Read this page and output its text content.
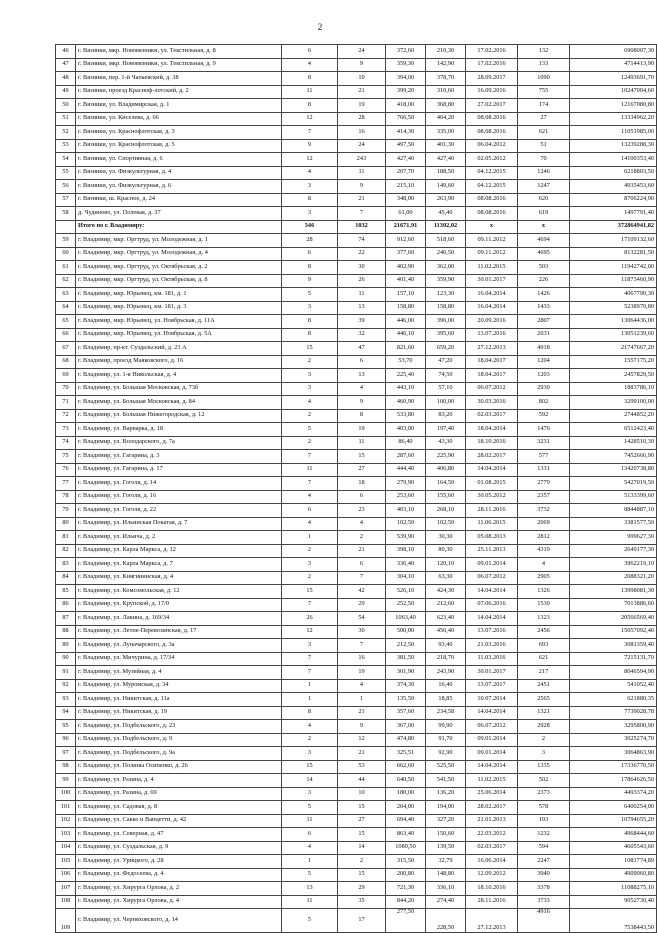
2
46	г. Вязники, мкр. Нововязники, ул. Текстильная, д. 8	6	24	372,60	210,30	17.02.2016	132	6908007,30
47	г. Вязники, мкр. Нововязники, ул. Текстильная, д. 9	4	9	359,30	142,90	17.02.2016	133	4714413,90
48	г. Вязники, пер. 1-й Чапаевский, д. 38	8	10	394,00	378,70	28.09.2017	1090	12493691,70
49	г. Вязники, проезд Красноф-лотский, д. 2	11	21	399,20	310,60	16.09.2016	755	10247004,60
50	г. Вязники, ул. Владимирская, д. 1	8	19	418,00	368,80	27.02.2017	174	12167080,80
51	г. Вязники, ул. Киселева, д. 66	12	28	766,50	404,20	08.08.2016	27	13334962,20
52	г. Вязники, ул. Краснофлотская, д. 3	7	16	414,30	335,00	08.08.2016	621	11051985,00
53	г. Вязники, ул. Краснофлотская, д. 5	9	24	497,50	401,30	06.04.2012	51	13239288,30
54	г. Вязники, ул. Спортивная, д. 6	12	243	427,40	427,40	02.05.2012	70	14100353,40
55	г. Вязники, ул. Физкультурная, д. 4	4	11	207,70	188,50	04.12.2015	1246	6218803,50
56	г. Вязники, ул. Физкультурная, д. 6	3	9	215,10	149,60	04.12.2015	1247	4935453,60
57	г. Вязники, ш. Красное, д. 24	8	21	348,00	263,90	08.08.2016	620	8706224,90
58	д. Чудиново, ул. Полевая, д. 37	3	7	61,00	45,40	08.08.2016	619	1497791,40
	Итого по г. Владимиру:	346	1032	21671,91	11302,02	х	х	372864941,82
59	г. Владимир, мкр. Оргтруд, ул. Молодежная, д. 1	28	74	912,60	518,60	09.11.2012	4694	17109132,60
60	г. Владимир, мкр. Оргтруд, ул. Молодежная, д. 4	6	22	377,60	246,50	09.11.2012	4695	8132281,50
61	г. Владимир, мкр. Оргтруд, ул. Октябрьская, д. 2	8	30	402,90	362,00	11.02.2015	503	11942742,00
62	г. Владимир, мкр. Оргтруд, ул. Октябрьская, д. 8	9	26	401,40	359,90	30.01.2017	226	11873460,90
63	г. Владимир, мкр. Юрьевец, км. 181, д. 1	5	11	157,10	123,30	16.04.2014	1426	4067790,30
64	г. Владимир, мкр. Юрьевец, км. 181, д. 3	3	13	158,80	158,80	16.04.2014	1433	5238970,80
65	г. Владимир, мкр. Юрьевец, ул. Ноябрьская, д. 11А	8	39	446,00	396,00	20.09.2016	2807	13064436,00
66	г. Владимир, мкр. Юрьевец, ул. Ноябрьская, д. 5А	8	32	446,10	395,60	13.07.2016	2031	13051239,60
67	г. Владимир, пр-кт. Суздальский, д. 23 А	15	47	821,60	659,20	27.12.2013	4918	21747667,20
68	г. Владимир, проезд Маяковского, д. 16	2	6	53,70	47,20	18.04.2017	1204	1557175,20
69	г. Владимир, ул. 1-я Никольская, д. 4	3	13	225,40	74,50	18.04.2017	1203	2457829,50
70	г. Владимир, ул. Большая Московская, д. 73б	3	4	443,10	57,10	06.07.2012	2930	1883786,10
71	г. Владимир, ул. Большая Московская, д. 84	4	9	460,90	100,00	30.03.2016	802	3299100,00
72	г. Владимир, ул. Большая Нижегородская, д. 12	2	8	533,80	83,20	02.03.2017	592	2744852,20
73	г. Владимир, ул. Варварка, д. 18	5	19	403,00	197,40	18.04.2014	1476	6512423,40
74	г. Владимир, ул. Володарского, д. 7а	2	11	86,40	43,30	18.10.2016	3231	1428510,30
75	г. Владимир, ул. Гагарина, д. 3	7	15	287,60	225,90	28.02.2017	577	7452666,90
76	г. Владимир, ул. Гагарина, д. 17	11	27	444,40	406,80	14.04.2014	1331	13420738,80
77	г. Владимир, ул. Гоголя, д. 14	7	18	279,90	164,50	01.08.2015	2779	5427019,50
78	г. Владимир, ул. Гоголя, д. 16	4	6	253,60	155,60	30.05.2012	2357	5133399,60
79	г. Владимир, ул. Гоголя, д. 22	6	23	403,10	268,10	28.11.2016	3732	8844887,10
80	г. Владимир, ул. Ильинская Покатая, д. 7	4	4	102,50	102,50	11.06.2015	2069	3381577,50
81	г. Владимир, ул. Ильича, д. 2	1	2	539,90	30,30	05.08.2013	2812	999627,30
82	г. Владимир, ул. Карла Маркса, д. 12	2	21	398,10	80,30	25.11.2013	4319	2649177,30
83	г. Владимир, ул. Карла Маркса, д. 7	3	6	336,40	120,10	09.01.2014	4	3962219,10
84	г. Владимир, ул. Княгининская, д. 4	2	7	304,10	63,30	06.07.2012	2905	2088321,20
85	г. Владимир, ул. Комсомольская, д. 12	15	42	526,10	424,30	14.04.2014	1326	13998081,30
86	г. Владимир, ул. Крупской, д. 17/0	7	29	252,50	212,60	07.06.2016	1530	7013886,60
87	г. Владимир, ул. Лакина, д. 169/34	26	54	1063,40	623,40	14.04.2014	1323	20566569,40
88	г. Владимир, ул. Летне-Перевозинская, д. 17	12	30	500,00	456,40	13.07.2016	2456	15057092,40
89	г. Владимир, ул. Луначарского, д. 3а	3	7	212,50	93,40	21.03.2016	693	3081359,40
90	г. Владимир, ул. Мичурина, д. 17/34	7	16	381,50	218,70	11.03.2016	621	7215131,70
91	г. Владимир, ул. Музейная, д. 4	7	19	301,90	243,90	30.01.2017	217	8046594,90
92	г. Владимир, ул. Муромская, д. 34	1	4	374,30	16,40	13.07.2017	2451	541052,40
93	г. Владимир, ул. Никитская, д. 11а	1	1	135,50	18,85	10.07.2014	2565	621880,35
94	г. Владимир, ул. Никитская, д. 19	8	21	357,60	234,58	14.04.2014	1321	7739028,78
95	г. Владимир, ул. Подбельского, д. 23	4	9	367,00	99,90	06.07.2012	2928	3295800,90
96	г. Владимир, ул. Подбельского, д. 9	2	12	474,80	91,70	09.01.2014	2	3025274,70
97	г. Владимир, ул. Подбельского, д. 9а	3	21	325,51	92,90	09.01.2014	3	3064863,90
98	г. Владимир, ул. Полины Осипенко, д. 26	15	53	662,60	525,50	14.04.2014	1335	17336770,50
99	г. Владимир, ул. Разина, д. 4	14	44	640,50	541,50	11.02.2015	502	17864626,50
100	г. Владимир, ул. Разина, д. 69	3	10	180,00	136,20	25.06.2014	2373	4493374,20
101	г. Владимир, ул. Садовая, д. 8	5	15	204,00	194,00	28.02.2017	578	6400254,00
102	г. Владимир, ул. Сакко и Ванцетти, д. 42	11	27	694,40	327,20	21.01.2013	193	10794655,20
103	г. Владимир, ул. Северная, д. 47	6	15	863,40	150,60	22.03.2012	1232	4968444,60
104	г. Владимир, ул. Суздальская, д. 9	4	14	1089,50	139,50	02.03.2017	594	4605543,60
105	г. Владимир, ул. Урицкого, д. 28	1	2	315,50	32,79	16.06.2014	2247	1081774,89
106	г. Владимир, ул. Федосеева, д. 4	5	15	200,80	148,80	12.09.2012	3940	4909060,80
107	г. Владимир, ул. Хирурга Орлова, д. 2	13	29	721,30	336,10	18.10.2016	3378	11088275,10
108	г. Владимир, ул. Хирурга Орлова, д. 4	11	35	844,20	274,40	28.11.2016	3733	9052730,40
109	г. Владимир, ул. Черняховского, д. 14	5	17	277,50	228,50	27.12.2013	4916	7538443,50
